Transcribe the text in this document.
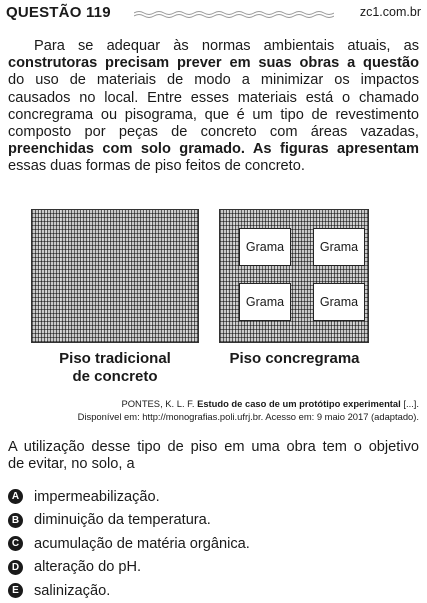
QUESTÃO 119	zc1.com.br
Para se adequar às normas ambientais atuais, as
construtoras precisam prever em suas obras a questão
do uso de materiais de modo a minimizar os impactos
causados no local. Entre esses materiais está o chamado
concregrama ou pisograma, que é um tipo de revestimento
composto por peças de concreto com áreas vazadas,
preenchidas com solo gramado. As figuras apresentam
essas duas formas de piso feitos de concreto.
Grama	Grama
Grama	Grama
Piso tradicional
de concreto
Piso concregrama
PONTES, K. L. F. Estudo de caso de um protótipo experimental [...].
Disponível em: http://monografias.poli.ufrj.br. Acesso em: 9 maio 2017 (adaptado).
A utilização desse tipo de piso em uma obra tem o objetivo
de evitar, no solo, a
A impermeabilização.
B diminuição da temperatura.
C acumulação de matéria orgânica.
D alteração do pH.
E salinização.
